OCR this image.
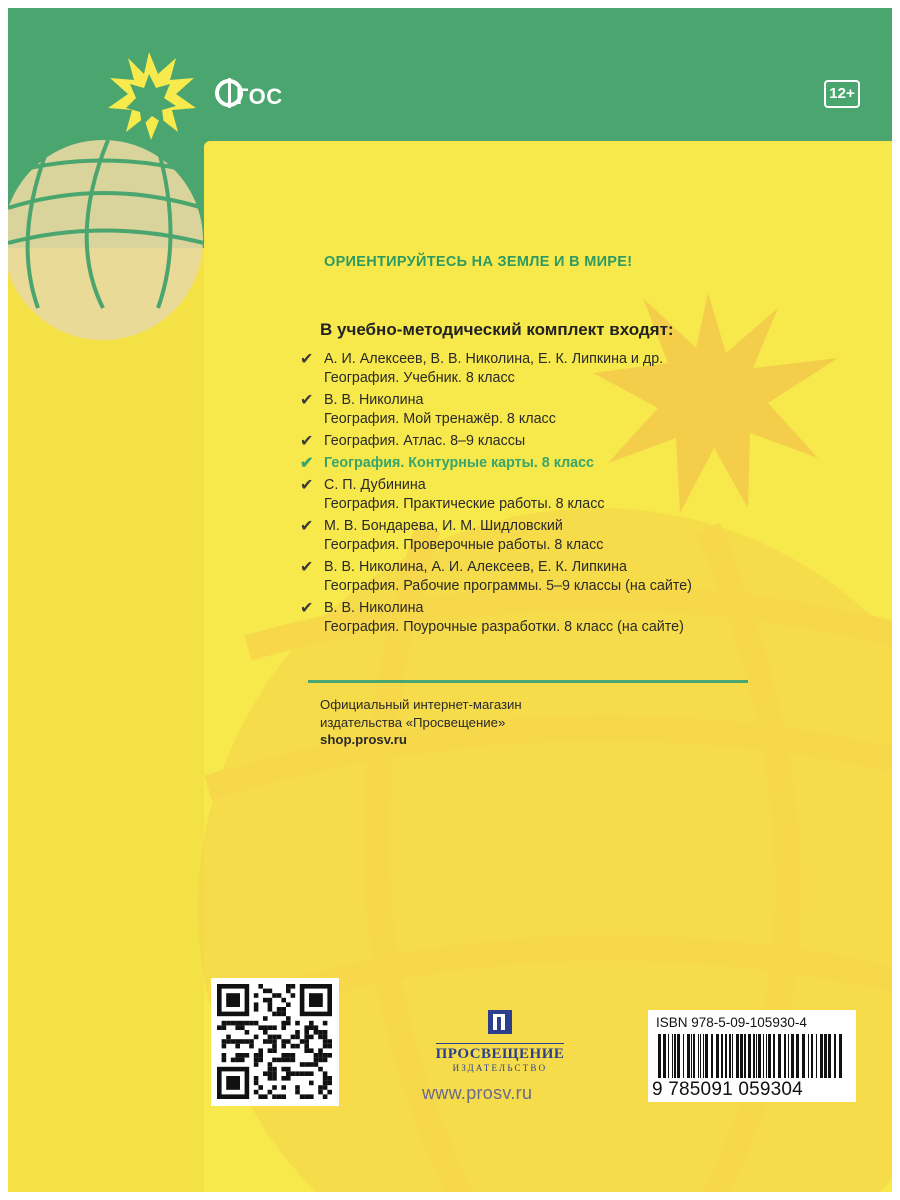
ГОС	12+
ОРИЕНТИРУЙТЕСЬ НА ЗЕМЛЕ И В МИРЕ!
В учебно-методический комплект входят:
✔ А. И. Алексеев, В. В. Николина, Е. К. Липкина и др.
География. Учебник. 8 класс
✔ В. В. Николина
География. Мой тренажёр. 8 класс
✔ География. Атлас. 8–9 классы
✔ География. Контурные карты. 8 класс
✔ С. П. Дубинина
География. Практические работы. 8 класс
✔ М. В. Бондарева, И. М. Шидловский
География. Проверочные работы. 8 класс
✔ В. В. Николина, А. И. Алексеев, Е. К. Липкина
География. Рабочие программы. 5–9 классы (на сайте)
✔ В. В. Николина
География. Поурочные разработки. 8 класс (на сайте)
Официальный интернет-магазин
издательства «Просвещение»
shop.prosv.ru
ПРОСВЕЩЕНИЕ
ИЗДАТЕЛЬСТВО
www.prosv.ru
ISBN 978-5-09-105930-4
9 785091 059304
